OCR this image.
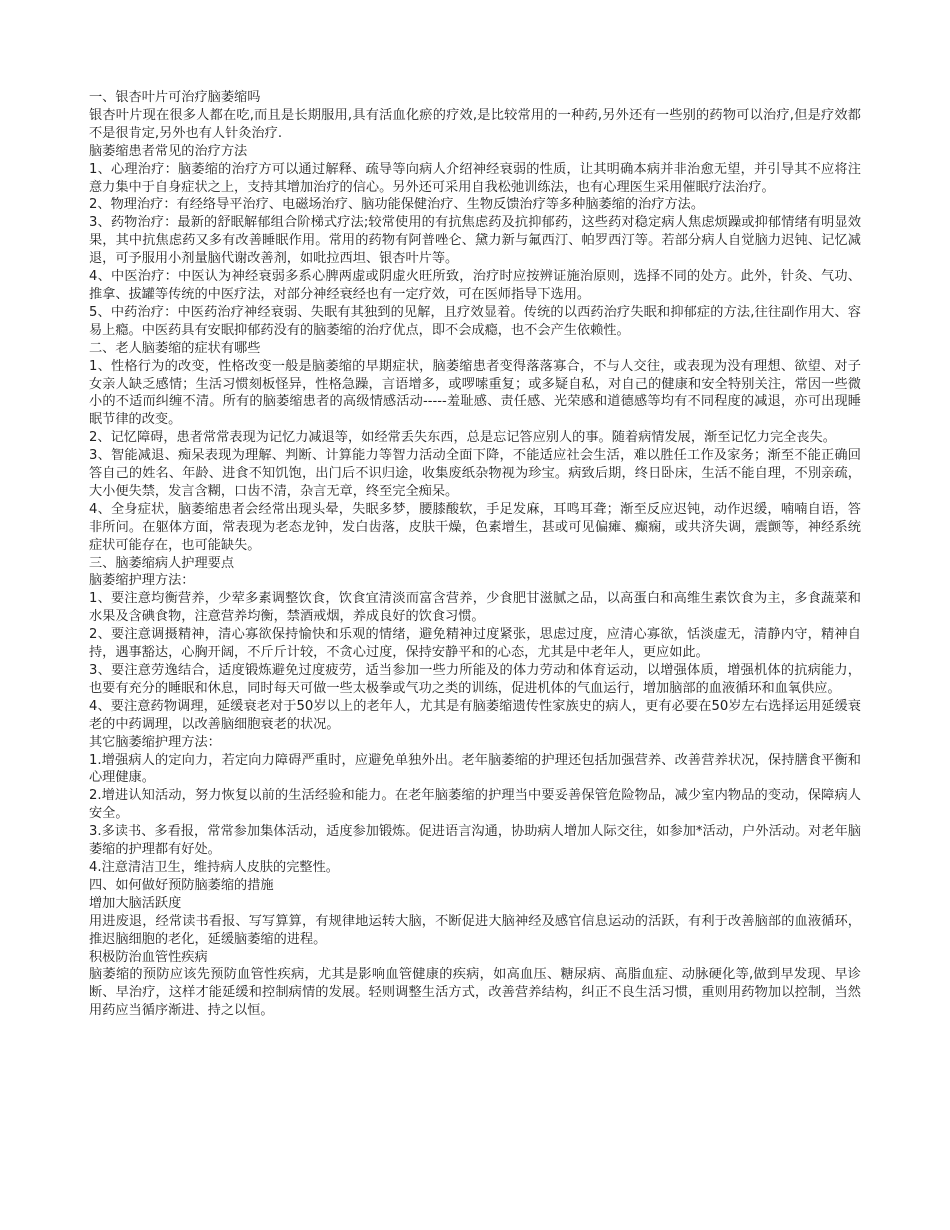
一、银杏叶片可治疗脑萎缩吗

银杏叶片现在很多人都在吃,而且是长期服用,具有活血化瘀的疗效,是比较常用的一种药,另外还有一些别的药物可以治疗,但是疗效都不是很肯定,另外也有人针灸治疗.

脑萎缩患者常见的治疗方法

1、心理治疗：脑萎缩的治疗方可以通过解释、疏导等向病人介绍神经衰弱的性质，让其明确本病并非治愈无望，并引导其不应将注意力集中于自身症状之上，支持其增加治疗的信心。另外还可采用自我松弛训练法，也有心理医生采用催眠疗法治疗。

2、物理治疗：有经络导平治疗、电磁场治疗、脑功能保健治疗、生物反馈治疗等多种脑萎缩的治疗方法。

3、药物治疗：最新的舒眠解郁组合阶梯式疗法;较常使用的有抗焦虑药及抗抑郁药，这些药对稳定病人焦虑烦躁或抑郁情绪有明显效果，其中抗焦虑药又多有改善睡眠作用。常用的药物有阿普唑仑、黛力新与氟西汀、帕罗西汀等。若部分病人自觉脑力迟钝、记忆减退，可予服用小剂量脑代谢改善剂，如吡拉西坦、银杏叶片等。

4、中医治疗：中医认为神经衰弱多系心脾两虚或阴虚火旺所致，治疗时应按辨证施治原则，选择不同的处方。此外，针灸、气功、推拿、拔罐等传统的中医疗法，对部分神经衰经也有一定疗效，可在医师指导下选用。

5、中药治疗：中医药治疗神经衰弱、失眠有其独到的见解，且疗效显着。传统的以西药治疗失眠和抑郁症的方法,往往副作用大、容易上瘾。中医药具有安眠抑郁药没有的脑萎缩的治疗优点，即不会成瘾，也不会产生依赖性。

二、老人脑萎缩的症状有哪些

1、性格行为的改变，性格改变一般是脑萎缩的早期症状，脑萎缩患者变得落落寡合，不与人交往，或表现为没有理想、欲望、对子女亲人缺乏感情；生活习惯刻板怪异，性格急躁，言语增多，或啰嗦重复；或多疑自私，对自己的健康和安全特别关注，常因一些微小的不适而纠缠不清。所有的脑萎缩患者的高级情感活动-----羞耻感、责任感、光荣感和道德感等均有不同程度的减退，亦可出现睡眠节律的改变。

2、记忆障碍，患者常常表现为记忆力减退等，如经常丢失东西，总是忘记答应别人的事。随着病情发展，渐至记忆力完全丧失。

3、智能减退、痴呆表现为理解、判断、计算能力等智力活动全面下降，不能适应社会生活，难以胜任工作及家务；渐至不能正确回答自己的姓名、年龄、进食不知饥饱，出门后不识归途，收集废纸杂物视为珍宝。病致后期，终日卧床，生活不能自理，不別亲疏，大小便失禁，发言含糊，口齿不清，杂言无章，终至完全痴呆。

4、全身症状，脑萎缩患者会经常出现头晕，失眠多梦，腰膝酸软，手足发麻，耳鸣耳聋；渐至反应迟钝，动作迟缓，喃喃自语，答非所问。在躯体方面，常表现为老态龙钟，发白齿落，皮肤干燥，色素增生，甚或可见偏瘫、癫痫，或共济失调，震颤等，神经系统症状可能存在，也可能缺失。

三、脑萎缩病人护理要点

脑萎缩护理方法：

1、要注意均衡营养，少荤多素调整饮食，饮食宜清淡而富含营养，少食肥甘滋腻之品，以高蛋白和高维生素饮食为主，多食蔬菜和水果及含碘食物，注意营养均衡，禁酒戒烟，养成良好的饮食习惯。

2、要注意调摄精神，清心寡欲保持愉快和乐观的情绪，避免精神过度紧张，思虑过度，应清心寡欲，恬淡虚无，清静内守，精神自持，遇事豁达，心胸开阔，不斤斤计较，不贪心过度，保持安静平和的心态，尤其是中老年人，更应如此。

3、要注意劳逸结合，适度锻炼避免过度疲劳，适当参加一些力所能及的体力劳动和体育运动，以增强体质，增强机体的抗病能力，也要有充分的睡眠和休息，同时每天可做一些太极拳或气功之类的训练，促进机体的气血运行，增加脑部的血液循环和血氧供应。

4、要注意药物调理，延缓衰老对于50岁以上的老年人，尤其是有脑萎缩遗传性家族史的病人，更有必要在50岁左右选择运用延缓衰老的中药调理，以改善脑细胞衰老的状况。

其它脑萎缩护理方法：

1.增强病人的定向力，若定向力障碍严重时，应避免单独外出。老年脑萎缩的护理还包括加强营养、改善营养状况，保持膳食平衡和心理健康。

2.增进认知活动，努力恢复以前的生活经验和能力。在老年脑萎缩的护理当中要妥善保管危险物品，减少室内物品的变动，保障病人安全。

3.多读书、多看报，常常参加集体活动，适度参加锻炼。促进语言沟通，协助病人增加人际交往，如参加*活动，户外活动。对老年脑萎缩的护理都有好处。

4.注意清洁卫生，维持病人皮肤的完整性。

四、如何做好预防脑萎缩的措施

增加大脑活跃度

用进废退，经常读书看报、写写算算，有规律地运转大脑，不断促进大脑神经及感官信息运动的活跃，有利于改善脑部的血液循环，推迟脑细胞的老化，延缓脑萎缩的进程。

积极防治血管性疾病

脑萎缩的预防应该先预防血管性疾病，尤其是影响血管健康的疾病，如高血压、糖尿病、高脂血症、动脉硬化等,做到早发现、早诊断、早治疗，这样才能延缓和控制病情的发展。轻则调整生活方式，改善营养结构，纠正不良生活习惯，重则用药物加以控制，当然用药应当循序渐进、持之以恒。
